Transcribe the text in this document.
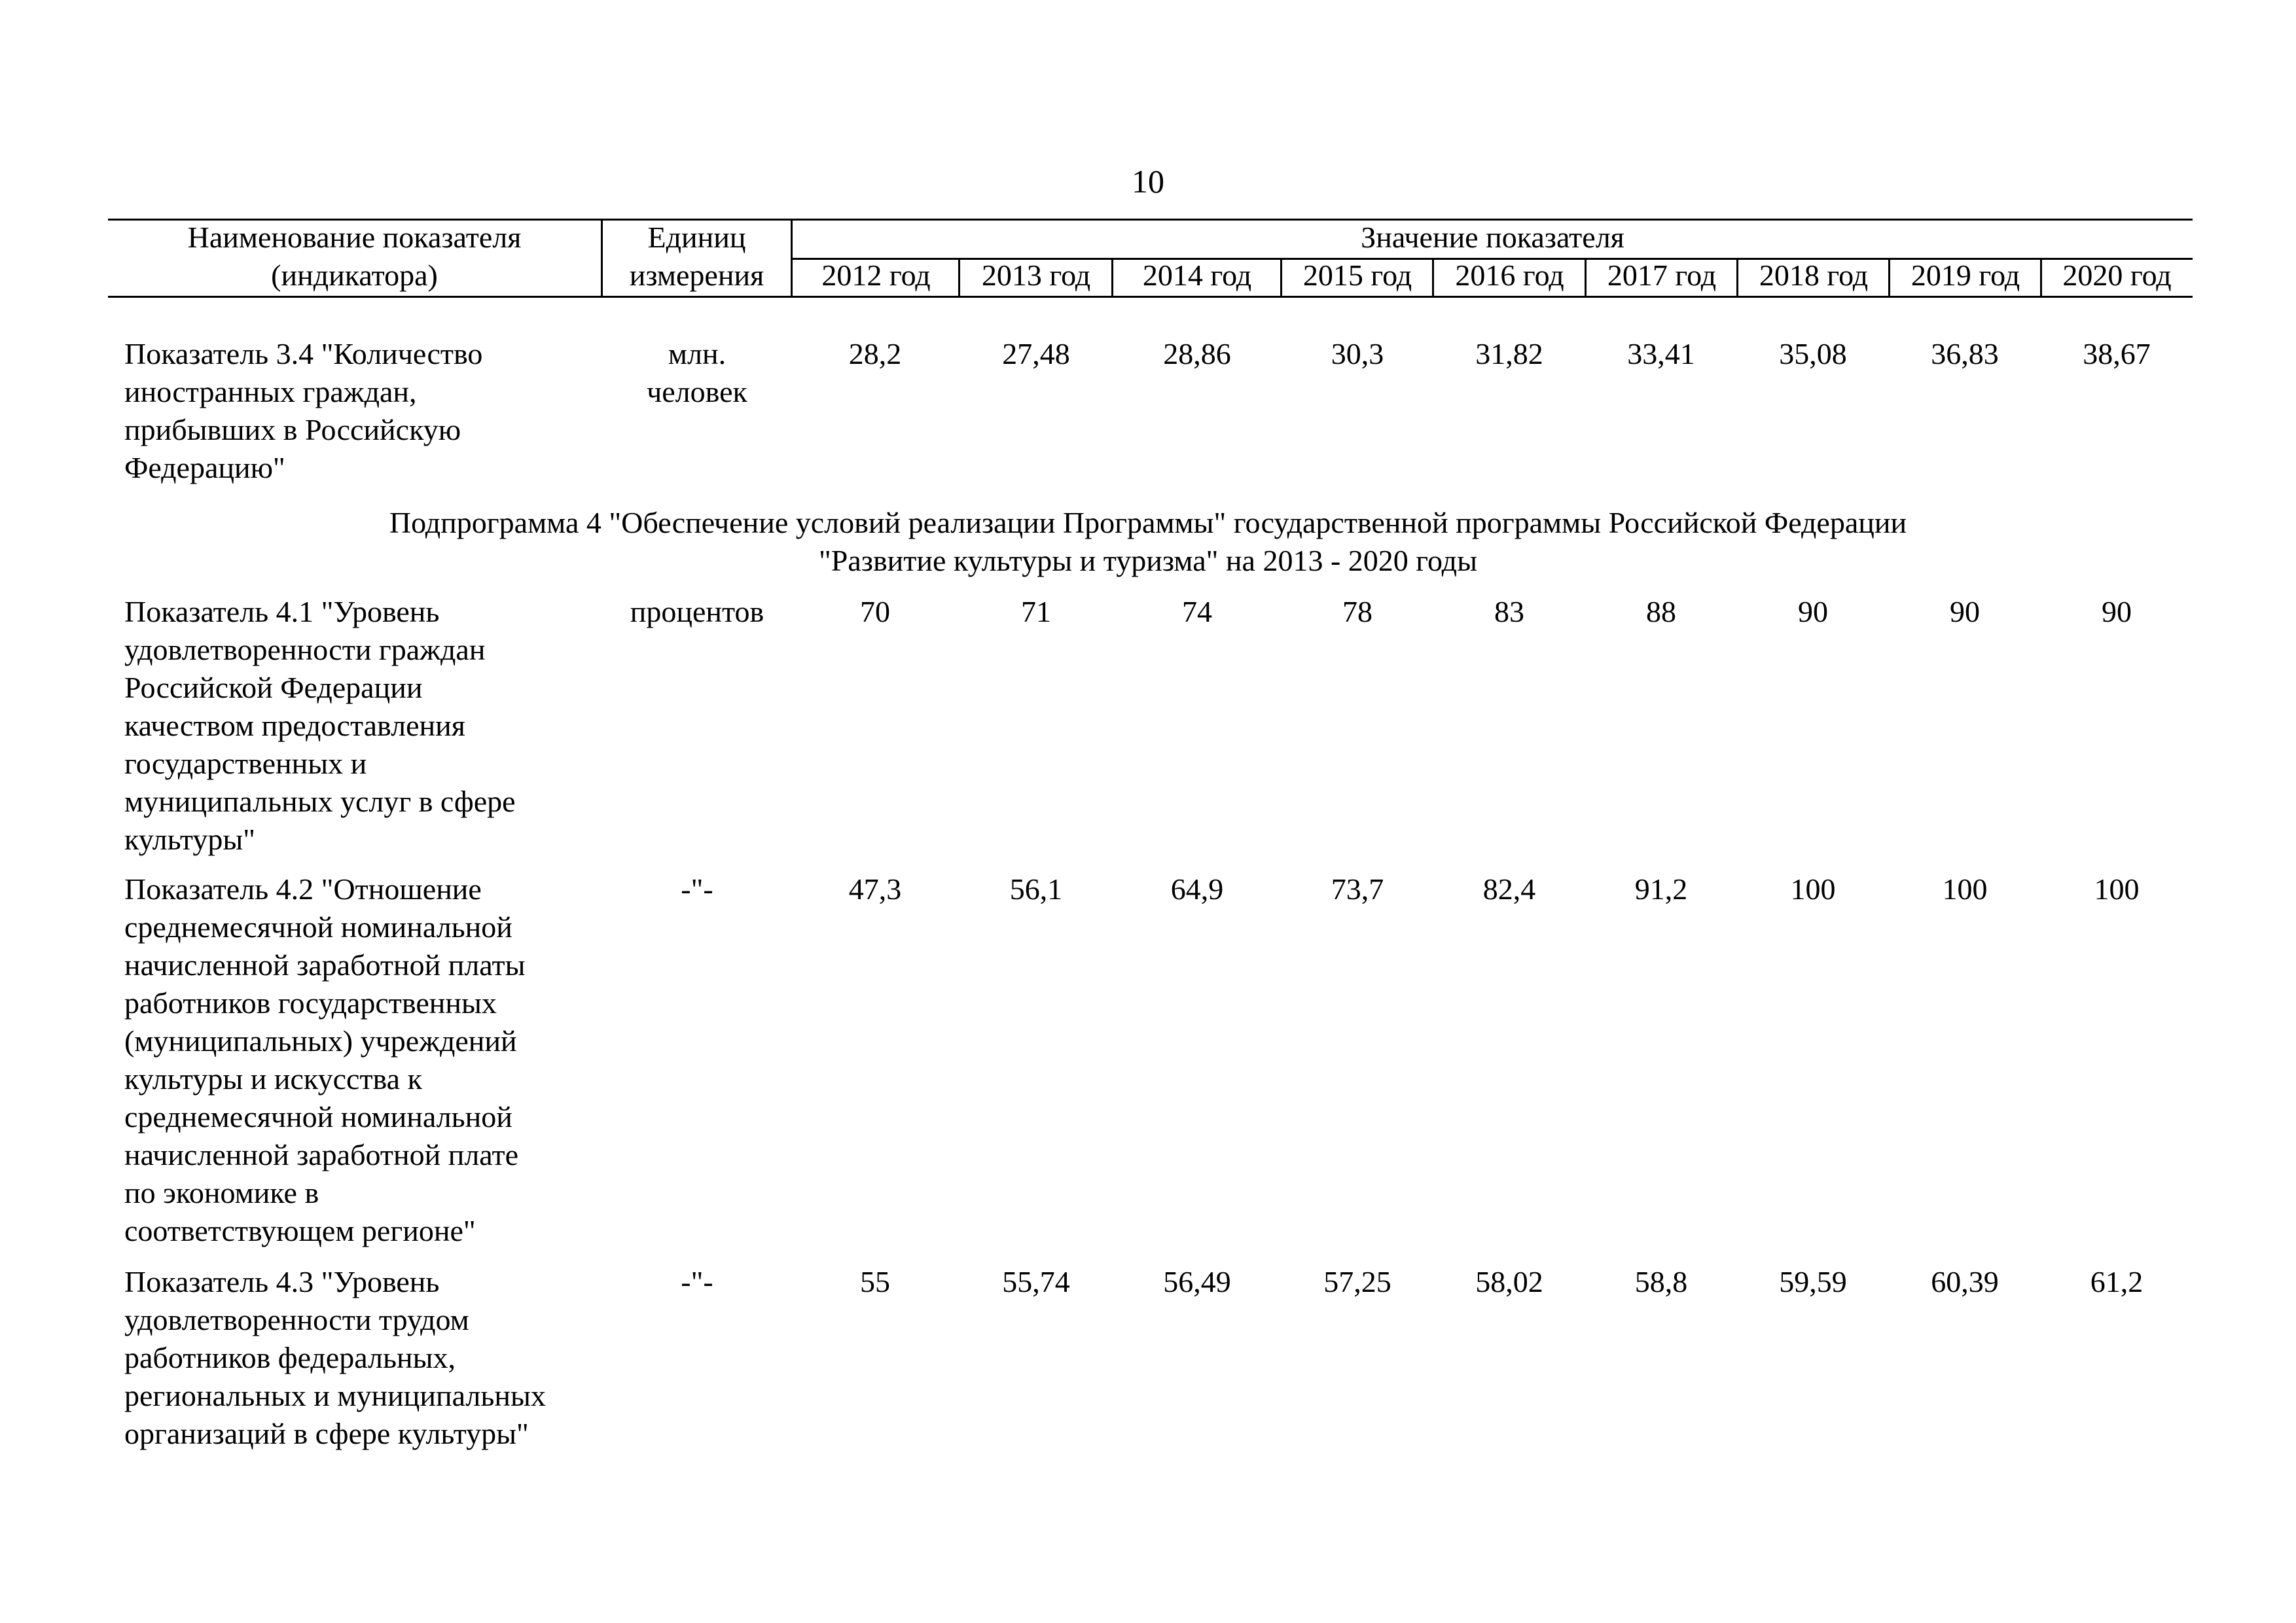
10
Наименование показателя
(индикатора)
Единиц
измерения
Значение показателя
2012 год	2013 год	2014 год	2015 год	2016 год	2017 год	2018 год	2019 год	2020 год
Показатель 3.4 "Количество
иностранных граждан,
прибывших в Российскую
Федерацию"
млн.
человек
28,2	27,48	28,86	30,3	31,82	33,41	35,08	36,83	38,67
Подпрограмма 4 "Обеспечение условий реализации Программы" государственной программы Российской Федерации
"Развитие культуры и туризма" на 2013 - 2020 годы
Показатель 4.1 "Уровень
удовлетворенности граждан
Российской Федерации
качеством предоставления
государственных и
муниципальных услуг в сфере
культуры"
процентов	70	71	74	78	83	88	90	90	90
Показатель 4.2 "Отношение
среднемесячной номинальной
начисленной заработной платы
работников государственных
(муниципальных) учреждений
культуры и искусства к
среднемесячной номинальной
начисленной заработной плате
по экономике в
соответствующем регионе"
-"-	47,3	56,1	64,9	73,7	82,4	91,2	100	100	100
Показатель 4.3 "Уровень
удовлетворенности трудом
работников федеральных,
региональных и муниципальных
организаций в сфере культуры"
-"-	55	55,74	56,49	57,25	58,02	58,8	59,59	60,39	61,2
